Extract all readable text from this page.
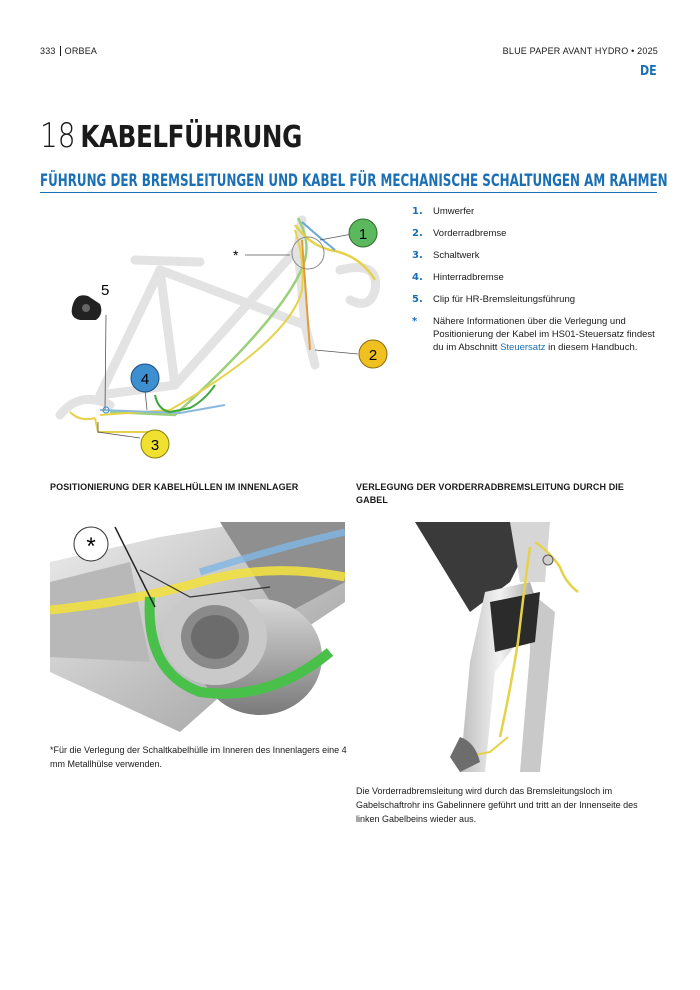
333 ORBEA	BLUE PAPER AVANT HYDRO • 2025
DE
18 KABELFÜHRUNG
FÜHRUNG DER BREMSLEITUNGEN UND KABEL FÜR MECHANISCHE SCHALTUNGEN AM RAHMEN
*
5
1
2
3
4
1.	Umwerfer
2.	Vorderradbremse
3.	Schaltwerk
4.	Hinterradbremse
5.	Clip für HR-Bremsleitungsführung
*	Nähere Informationen über die Verlegung und Positionierung der Kabel im HS01-Steuersatz findest du im Abschnitt Steuersatz in diesem Handbuch.
POSITIONIERUNG DER KABELHÜLLEN IM INNENLAGER
*
*Für die Verlegung der Schaltkabelhülle im Inneren des Innenlagers eine 4 mm Metallhülse verwenden.
VERLEGUNG DER VORDERRADBREMSLEITUNG DURCH DIE GABEL
Die Vorderradbremsleitung wird durch das Bremsleitungsloch im Gabelschaftrohr ins Gabelinnere geführt und tritt an der Innenseite des linken Gabelbeins wieder aus.
